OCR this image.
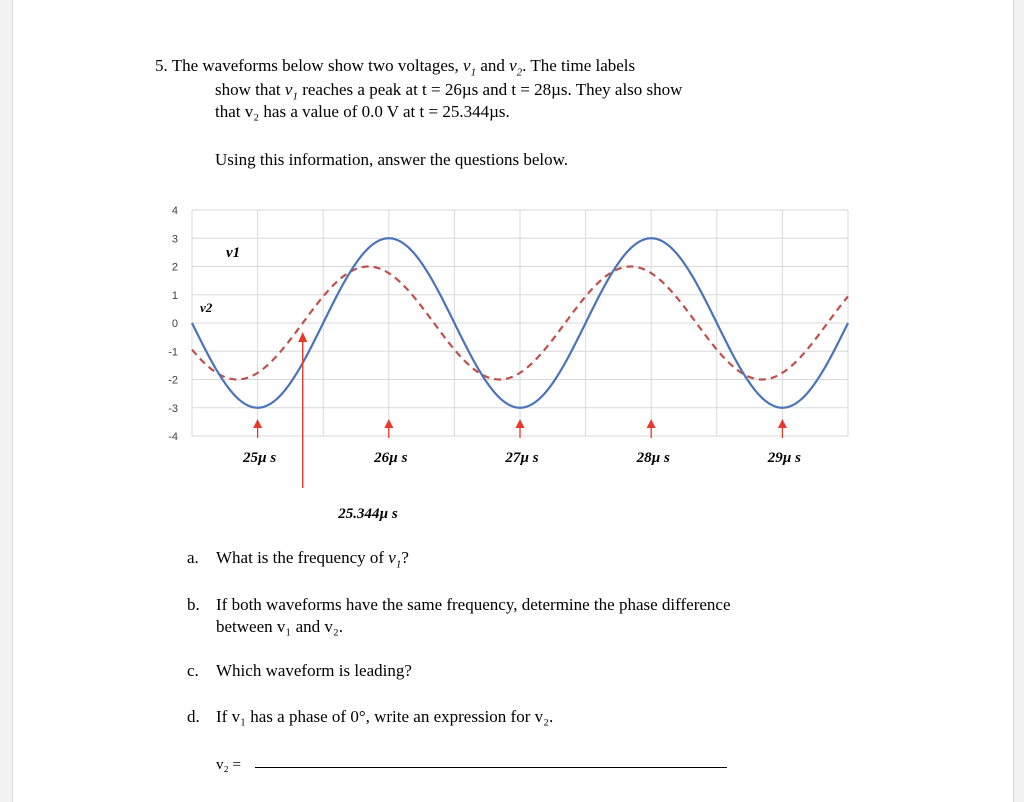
5. The waveforms below show two voltages, $v_1$ and $v_2$. The time labels
show that $v_1$ reaches a peak at t = 26µs and t = 28µs. They also show
that v₂ has a value of 0.0 V at t = 25.344µs.
Using this information, answer the questions below.
4
3
2
1
0
-1
-2
-3
-4
v1
v2
25µ s	26µ s	27µ s	28µ s	29µ s
25.344µ s
a. What is the frequency of $v_1$?
b. If both waveforms have the same frequency, determine the phase difference
between v₁ and v₂.
c. Which waveform is leading?
d. If v₁ has a phase of 0°, write an expression for v₂.
v₂ =
